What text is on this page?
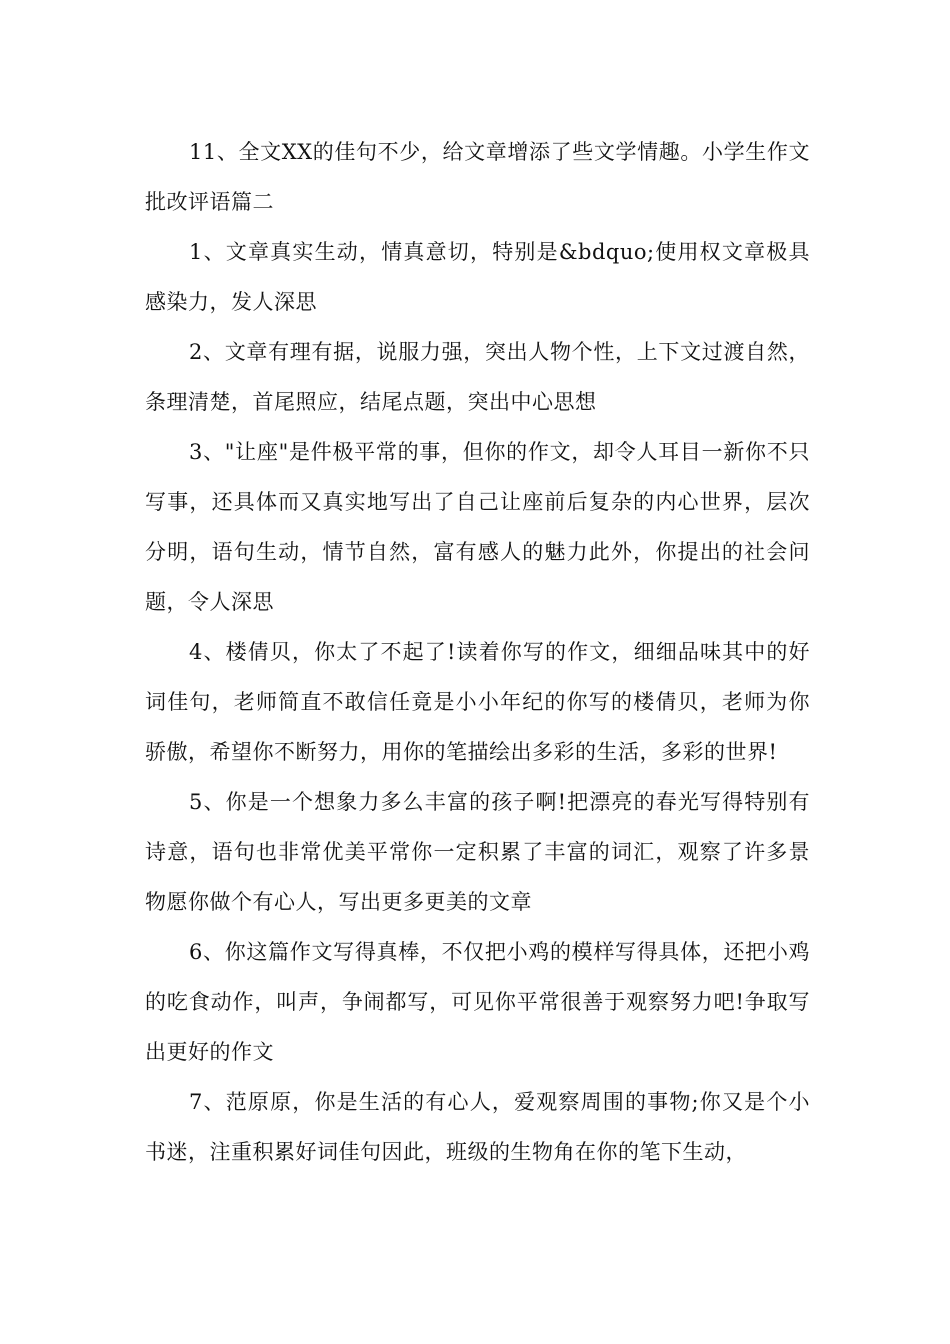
11、全文XX的佳句不少，给文章增添了些文学情趣。小学生作文批改评语篇二

1、文章真实生动，情真意切，特别是&bdquo;使用权文章极具感染力，发人深思

2、文章有理有据，说服力强，突出人物个性，上下文过渡自然，条理清楚，首尾照应，结尾点题，突出中心思想

3、"让座"是件极平常的事，但你的作文，却令人耳目一新你不只写事，还具体而又真实地写出了自己让座前后复杂的内心世界，层次分明，语句生动，情节自然，富有感人的魅力此外，你提出的社会问题，令人深思

4、楼倩贝，你太了不起了!读着你写的作文，细细品味其中的好词佳句，老师简直不敢信任竟是小小年纪的你写的楼倩贝，老师为你骄傲，希望你不断努力，用你的笔描绘出多彩的生活，多彩的世界!

5、你是一个想象力多么丰富的孩子啊!把漂亮的春光写得特别有诗意，语句也非常优美平常你一定积累了丰富的词汇，观察了许多景物愿你做个有心人，写出更多更美的文章

6、你这篇作文写得真棒，不仅把小鸡的模样写得具体，还把小鸡的吃食动作，叫声，争闹都写，可见你平常很善于观察努力吧!争取写出更好的作文

7、范原原，你是生活的有心人，爱观察周围的事物;你又是个小书迷，注重积累好词佳句因此，班级的生物角在你的笔下生动，
